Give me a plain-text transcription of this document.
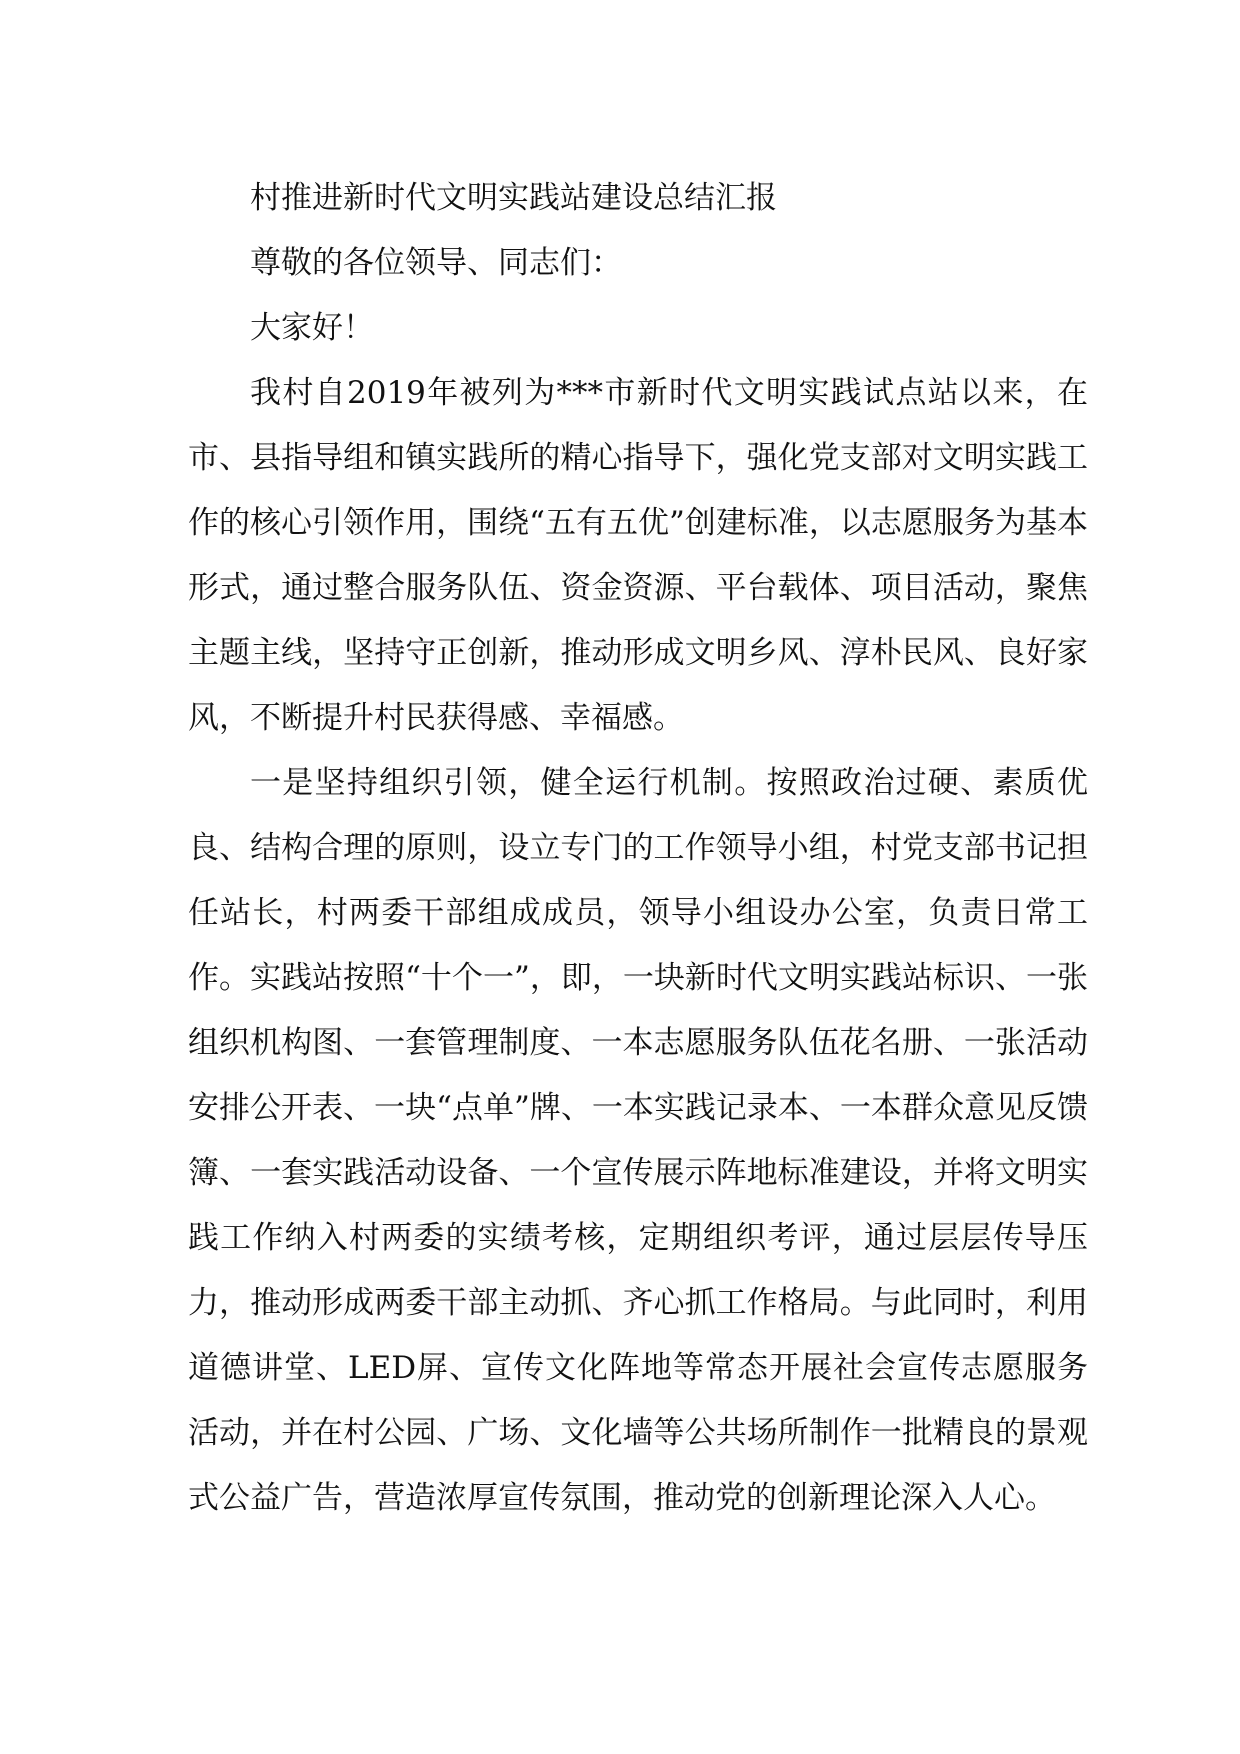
村推进新时代文明实践站建设总结汇报

尊敬的各位领导、同志们：

大家好！

我村自2019年被列为***市新时代文明实践试点站以来，在市、县指导组和镇实践所的精心指导下，强化党支部对文明实践工作的核心引领作用，围绕“五有五优”创建标准，以志愿服务为基本形式，通过整合服务队伍、资金资源、平台载体、项目活动，聚焦主题主线，坚持守正创新，推动形成文明乡风、淳朴民风、良好家风，不断提升村民获得感、幸福感。

一是坚持组织引领，健全运行机制。按照政治过硬、素质优良、结构合理的原则，设立专门的工作领导小组，村党支部书记担任站长，村两委干部组成成员，领导小组设办公室，负责日常工作。实践站按照“十个一”，即，一块新时代文明实践站标识、一张组织机构图、一套管理制度、一本志愿服务队伍花名册、一张活动安排公开表、一块“点单”牌、一本实践记录本、一本群众意见反馈簿、一套实践活动设备、一个宣传展示阵地标准建设，并将文明实践工作纳入村两委的实绩考核，定期组织考评，通过层层传导压力，推动形成两委干部主动抓、齐心抓工作格局。与此同时，利用道德讲堂、LED屏、宣传文化阵地等常态开展社会宣传志愿服务活动，并在村公园、广场、文化墙等公共场所制作一批精良的景观式公益广告，营造浓厚宣传氛围，推动党的创新理论深入人心。
